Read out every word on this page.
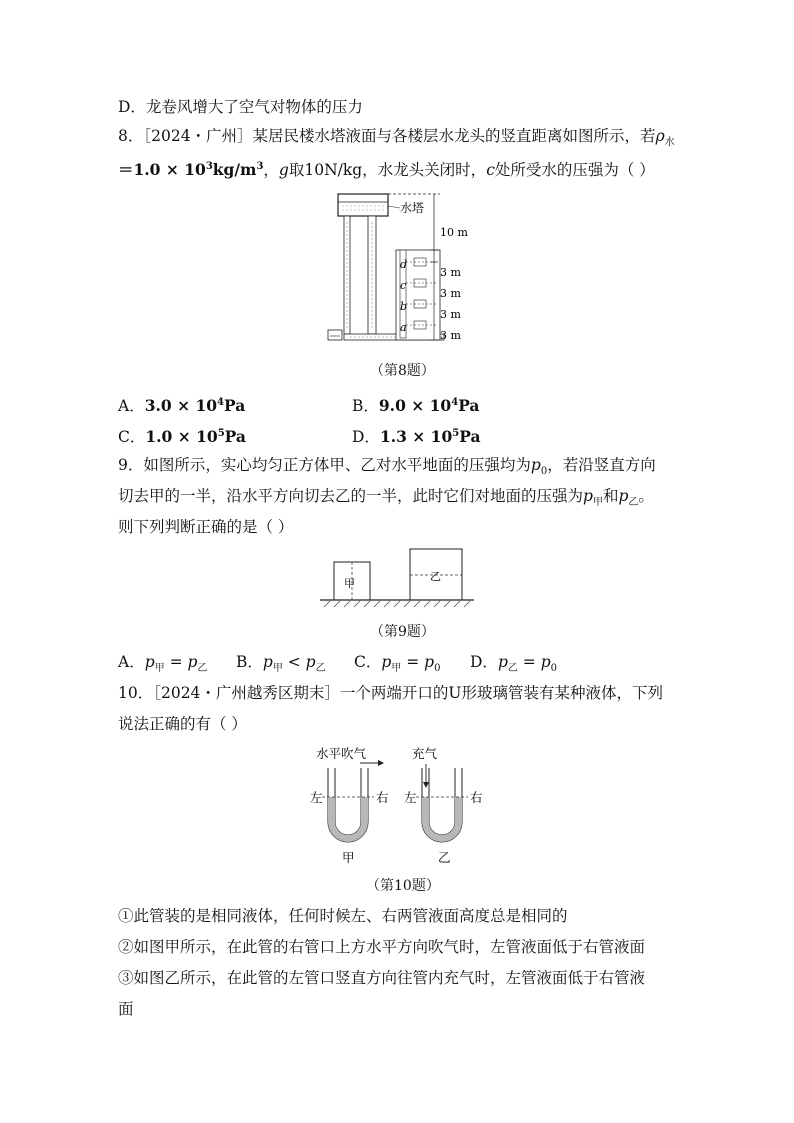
D．龙卷风增大了空气对物体的压力
8．［2024・广州］某居民楼水塔液面与各楼层水龙头的竖直距离如图所示，若$\rho_水$
$=1.0 \times 10^3kg/m^3$，g取10N/kg，水龙头关闭时，c处所受水的压强为（ ）
水塔
d
c
b
a
10 m
3 m
3 m
3 m
3 m
（第8题）
A．$3.0 \times 10^4Pa$	B．$9.0 \times 10^4Pa$
C．$1.0 \times 10^5Pa$	D．$1.3 \times 10^5Pa$
9．如图所示，实心均匀正方体甲、乙对水平地面的压强均为$p_0$，若沿竖直方向
切去甲的一半，沿水平方向切去乙的一半，此时它们对地面的压强为$p_甲$和$p_乙$。
则下列判断正确的是（ ）
甲
乙
（第9题）
A．$p_甲 = p_乙$ B．$p_甲 < p_乙$ C．$p_甲 = p_0$ D．$p_乙 = p_0$
10．［2024・广州越秀区期末］一个两端开口的U形玻璃管装有某种液体，下列
说法正确的有（ ）
水平吹气
左	右
甲
充气
左	右
乙
（第10题）
①此管装的是相同液体，任何时候左、右两管液面高度总是相同的
②如图甲所示，在此管的右管口上方水平方向吹气时，左管液面低于右管液面
③如图乙所示，在此管的左管口竖直方向往管内充气时，左管液面低于右管液
面
